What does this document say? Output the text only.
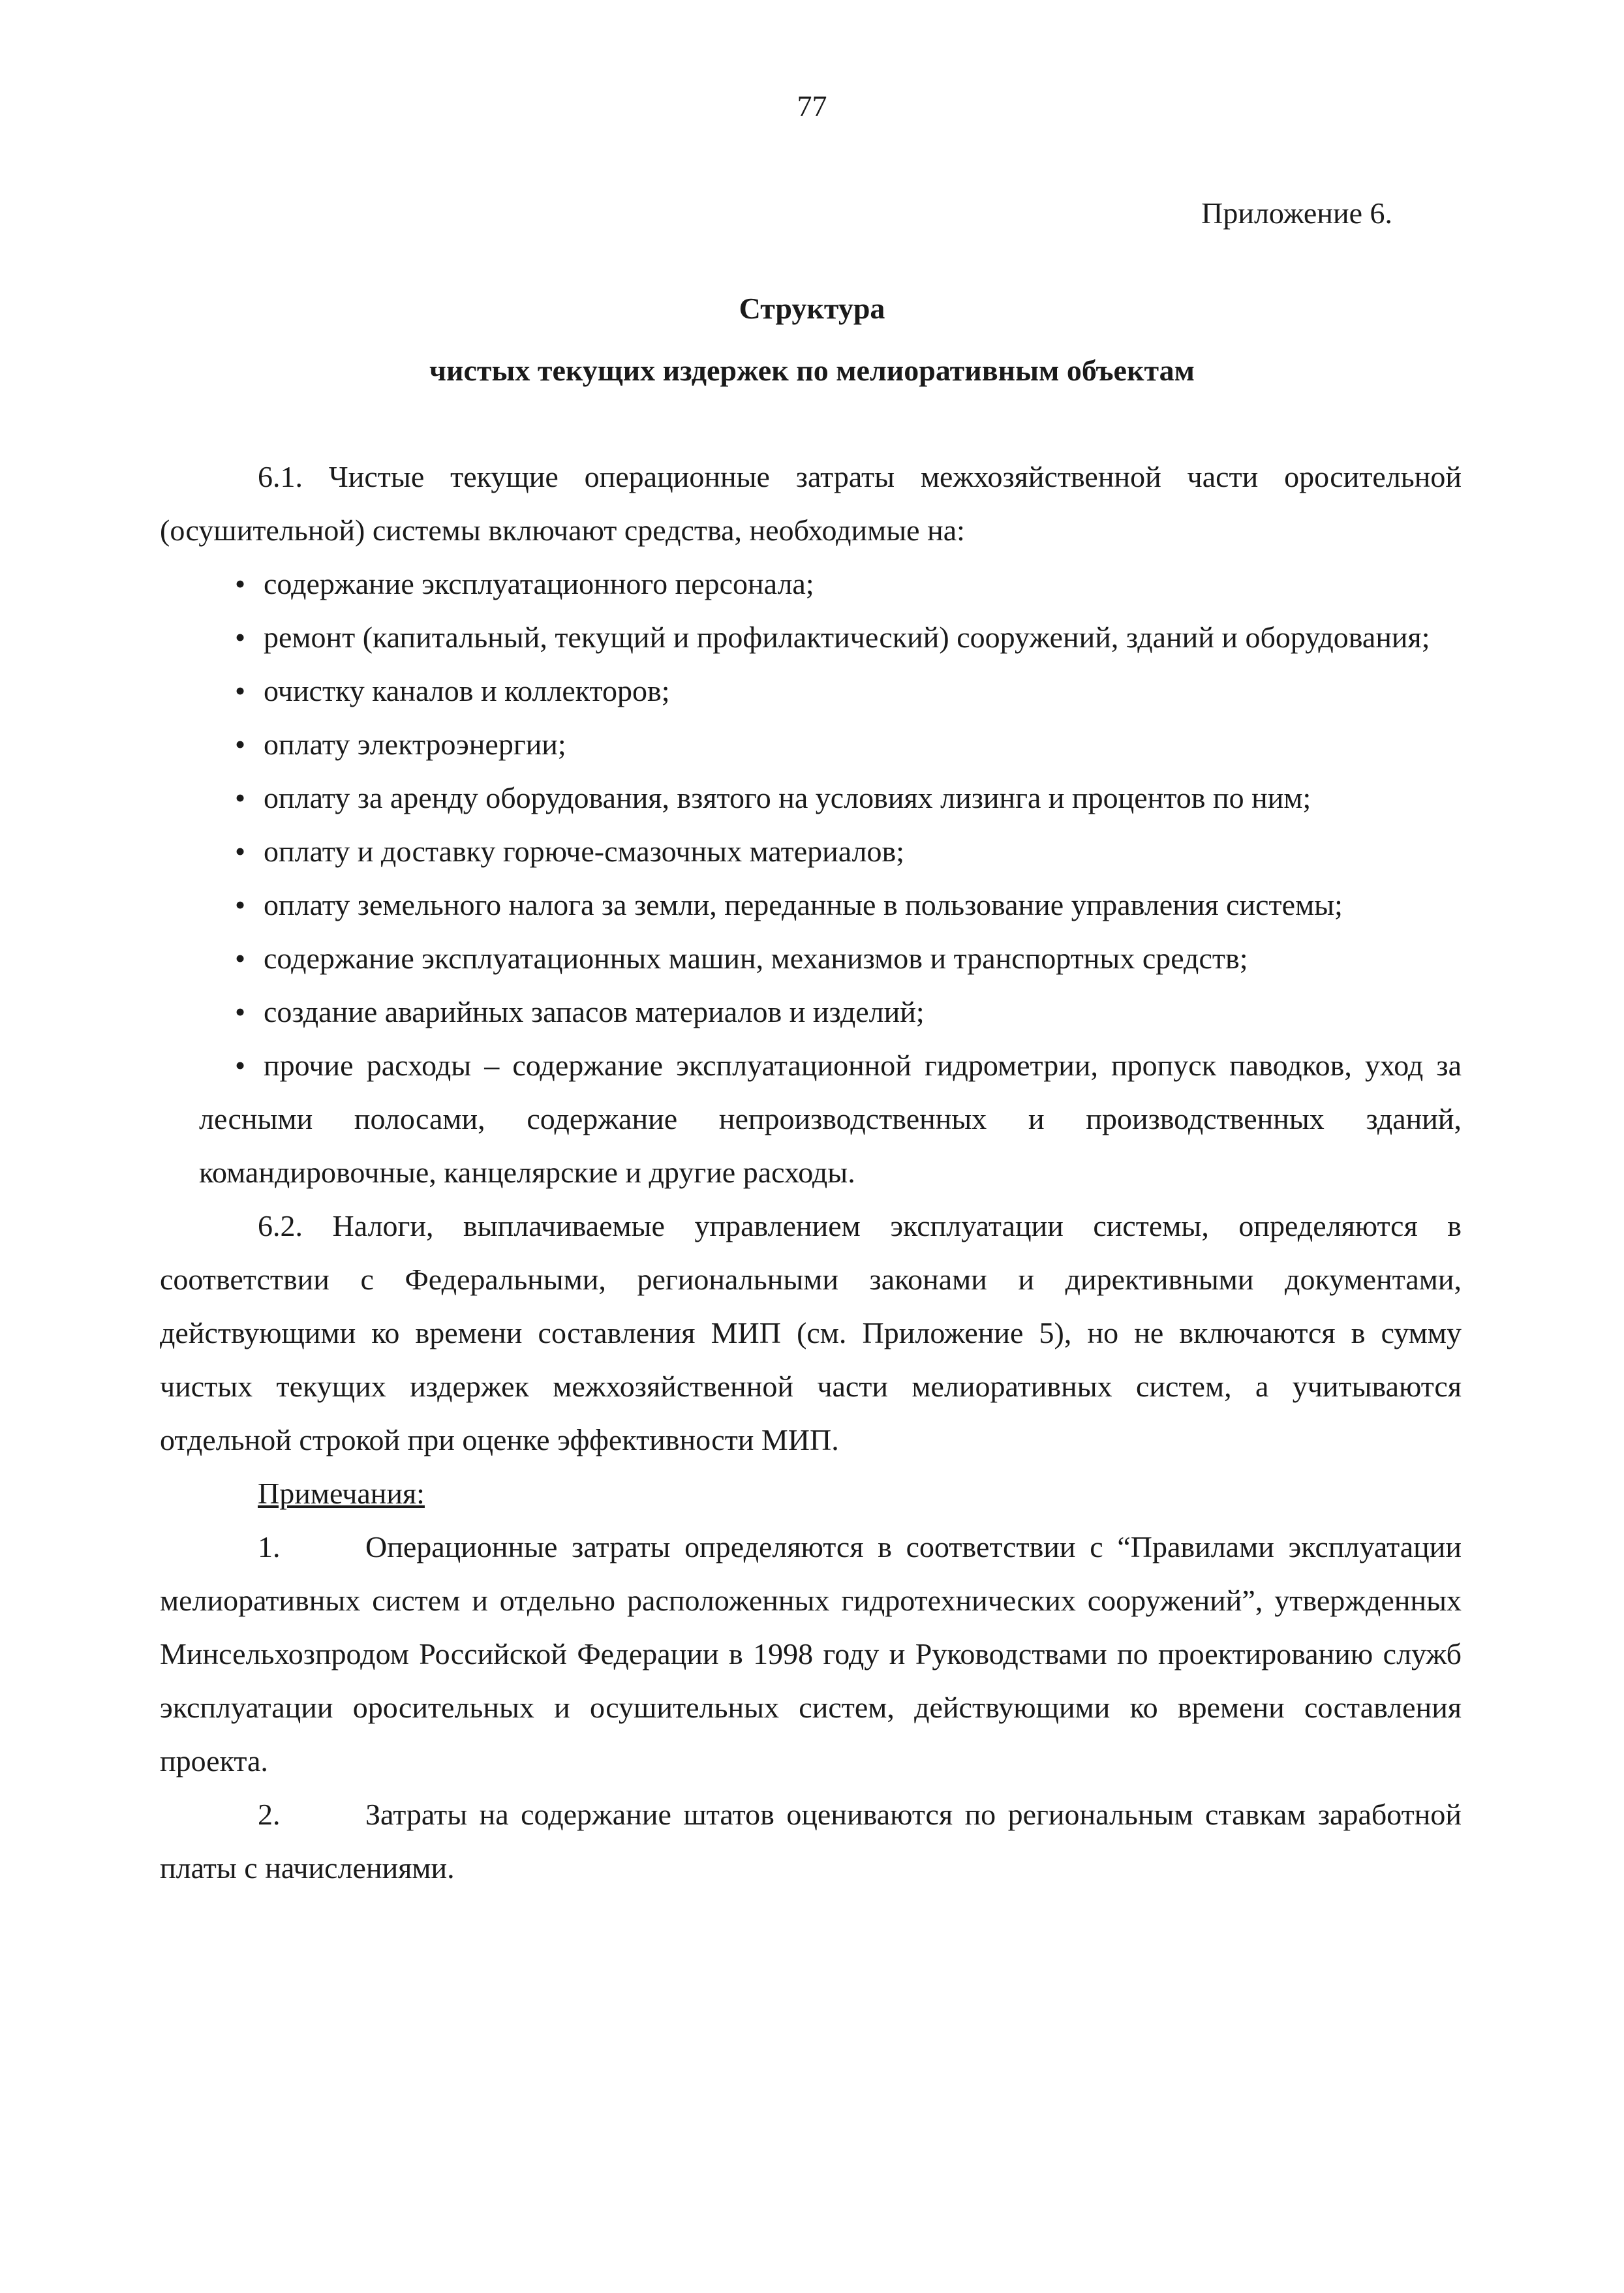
77
Приложение 6.
Структура
чистых текущих издержек по мелиоративным объектам

6.1. Чистые текущие операционные затраты межхозяйственной части оросительной (осушительной) системы включают средства, необходимые на:

• содержание эксплуатационного персонала;
• ремонт (капитальный, текущий и профилактический) сооружений, зданий и оборудования;
• очистку каналов и коллекторов;
• оплату электроэнергии;
• оплату за аренду оборудования, взятого на условиях лизинга и процентов по ним;
• оплату и доставку горюче-смазочных материалов;
• оплату земельного налога за земли, переданные в пользование управления системы;
• содержание эксплуатационных машин, механизмов и транспортных средств;
• создание аварийных запасов материалов и изделий;
• прочие расходы – содержание эксплуатационной гидрометрии, пропуск паводков, уход за лесными полосами, содержание непроизводственных и производственных зданий, командировочные, канцелярские и другие расходы.

6.2. Налоги, выплачиваемые управлением эксплуатации системы, определяются в соответствии с Федеральными, региональными законами и директивными документами, действующими ко времени составления МИП (см. Приложение 5), но не включаются в сумму чистых текущих издержек межхозяйственной части мелиоративных систем, а учитываются отдельной строкой при оценке эффективности МИП.

Примечания:

1.	Операционные затраты определяются в соответствии с “Правилами эксплуатации мелиоративных систем и отдельно расположенных гидротехнических сооружений”, утвержденных Минсельхозпродом Российской Федерации в 1998 году и Руководствами по проектированию служб эксплуатации оросительных и осушительных систем, действующими ко времени составления проекта.

2.	Затраты на содержание штатов оцениваются по региональным ставкам заработной платы с начислениями.
